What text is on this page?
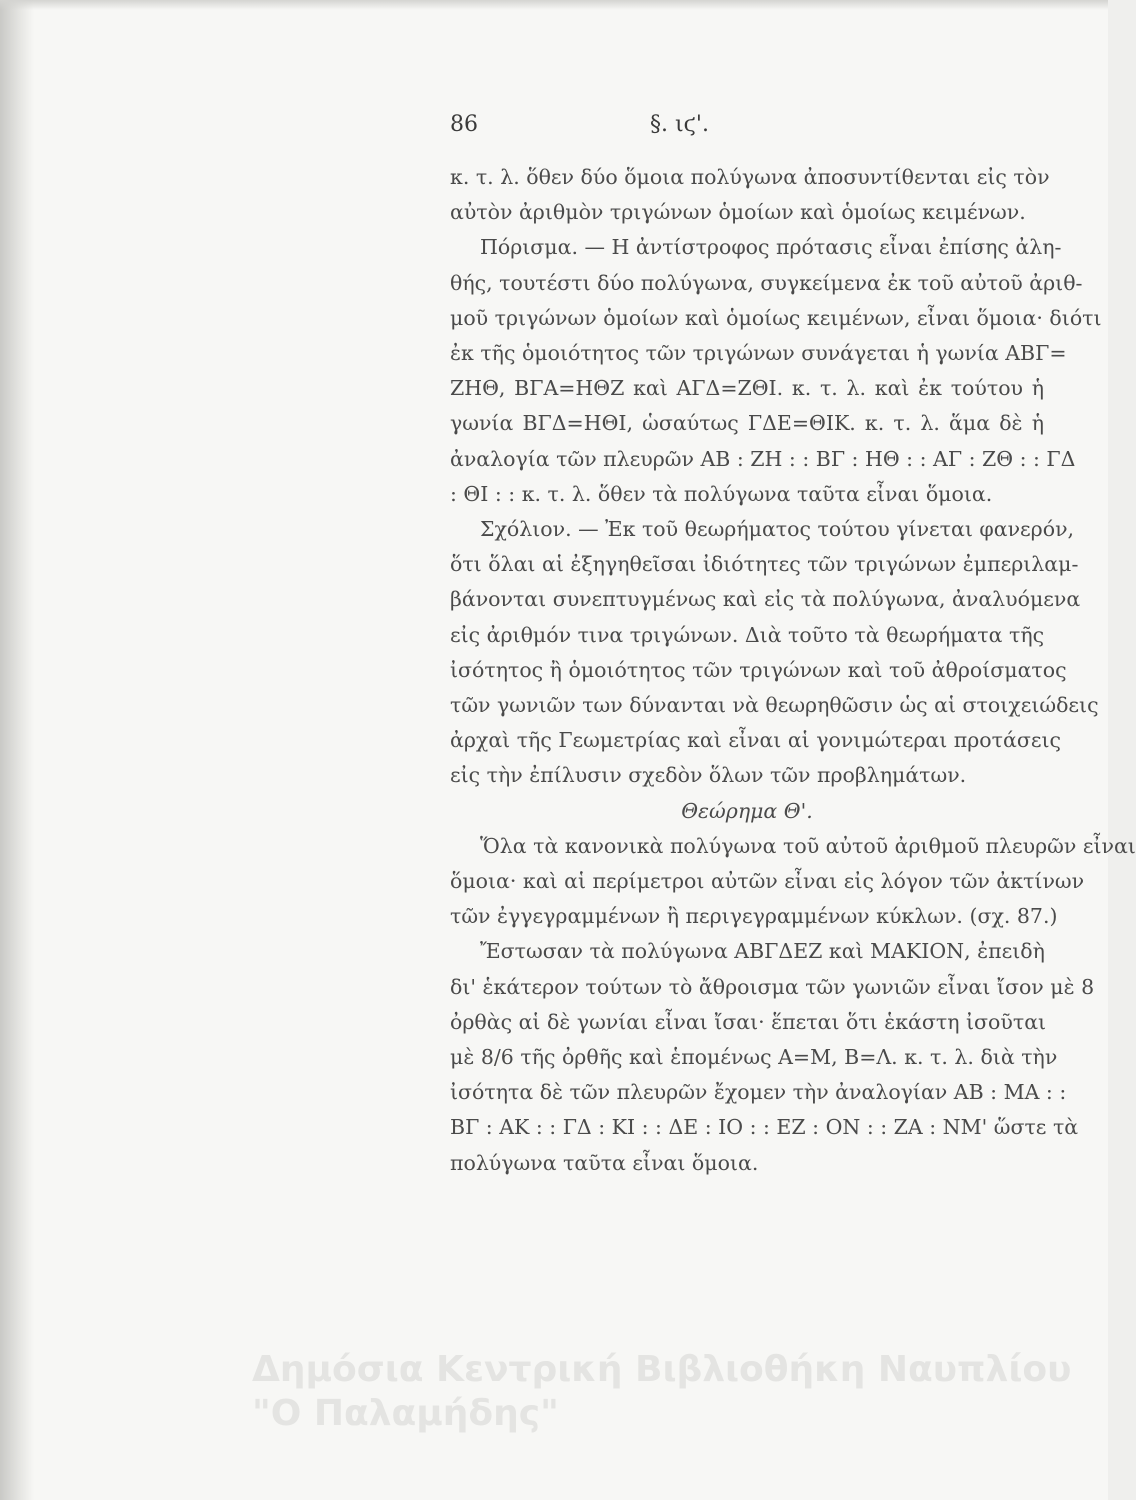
86	§. ιϛ'.
κ. τ. λ. ὅθεν δύο ὅμοια πολύγωνα ἀποσυντίθενται εἰς τὸν
αὐτὸν ἀριθμὸν τριγώνων ὁμοίων καὶ ὁμοίως κειμένων.
Πόρισμα. — Η ἀντίστροφος πρότασις εἶναι ἐπίσης ἀλη-
θής, τουτέστι δύο πολύγωνα, συγκείμενα ἐκ τοῦ αὐτοῦ ἀριθ-
μοῦ τριγώνων ὁμοίων καὶ ὁμοίως κειμένων, εἶναι ὅμοια· διότι
ἐκ τῆς ὁμοιότητος τῶν τριγώνων συνάγεται ἡ γωνία ΑΒΓ=
ΖΗΘ, ΒΓΑ=ΗΘΖ καὶ ΑΓΔ=ΖΘΙ. κ. τ. λ. καὶ ἐκ τούτου ἡ
γωνία ΒΓΔ=ΗΘΙ, ὡσαύτως ΓΔΕ=ΘΙΚ. κ. τ. λ. ἅμα δὲ ἡ
ἀναλογία τῶν πλευρῶν ΑΒ : ΖΗ : : ΒΓ : ΗΘ : : ΑΓ : ΖΘ : : ΓΔ
: ΘΙ : : κ. τ. λ. ὅθεν τὰ πολύγωνα ταῦτα εἶναι ὅμοια.
Σχόλιον. — Ἐκ τοῦ θεωρήματος τούτου γίνεται φανερόν,
ὅτι ὅλαι αἱ ἐξηγηθεῖσαι ἰδιότητες τῶν τριγώνων ἐμπεριλαμ-
βάνονται συνεπτυγμένως καὶ εἰς τὰ πολύγωνα, ἀναλυόμενα
εἰς ἀριθμόν τινα τριγώνων. Διὰ τοῦτο τὰ θεωρήματα τῆς
ἰσότητος ἢ ὁμοιότητος τῶν τριγώνων καὶ τοῦ ἀθροίσματος
τῶν γωνιῶν των δύνανται νὰ θεωρηθῶσιν ὡς αἱ στοιχειώδεις
ἀρχαὶ τῆς Γεωμετρίας καὶ εἶναι αἱ γονιμώτεραι προτάσεις
εἰς τὴν ἐπίλυσιν σχεδὸν ὅλων τῶν προβλημάτων.
Θεώρημα Θ'.
Ὅλα τὰ κανονικὰ πολύγωνα τοῦ αὐτοῦ ἀριθμοῦ πλευρῶν εἶναι
ὅμοια· καὶ αἱ περίμετροι αὐτῶν εἶναι εἰς λόγον τῶν ἀκτίνων
τῶν ἐγγεγραμμένων ἢ περιγεγραμμένων κύκλων. (σχ. 87.)
Ἔστωσαν τὰ πολύγωνα ΑΒΓΔΕΖ καὶ ΜΑΚΙΟΝ, ἐπειδὴ
δι' ἑκάτερον τούτων τὸ ἄθροισμα τῶν γωνιῶν εἶναι ἴσον μὲ 8
ὀρθὰς αἱ δὲ γωνίαι εἶναι ἴσαι· ἕπεται ὅτι ἑκάστη ἰσοῦται
μὲ 8/6 τῆς ὀρθῆς καὶ ἑπομένως Α=Μ, Β=Λ. κ. τ. λ. διὰ τὴν
ἰσότητα δὲ τῶν πλευρῶν ἔχομεν τὴν ἀναλογίαν ΑΒ : ΜΑ : :
ΒΓ : ΑΚ : : ΓΔ : ΚΙ : : ΔΕ : ΙΟ : : ΕΖ : ΟΝ : : ΖΑ : ΝΜ' ὥστε τὰ
πολύγωνα ταῦτα εἶναι ὅμοια.
Δημόσια Κεντρική Βιβλιοθήκη Ναυπλίου
"Ο Παλαμήδης"
